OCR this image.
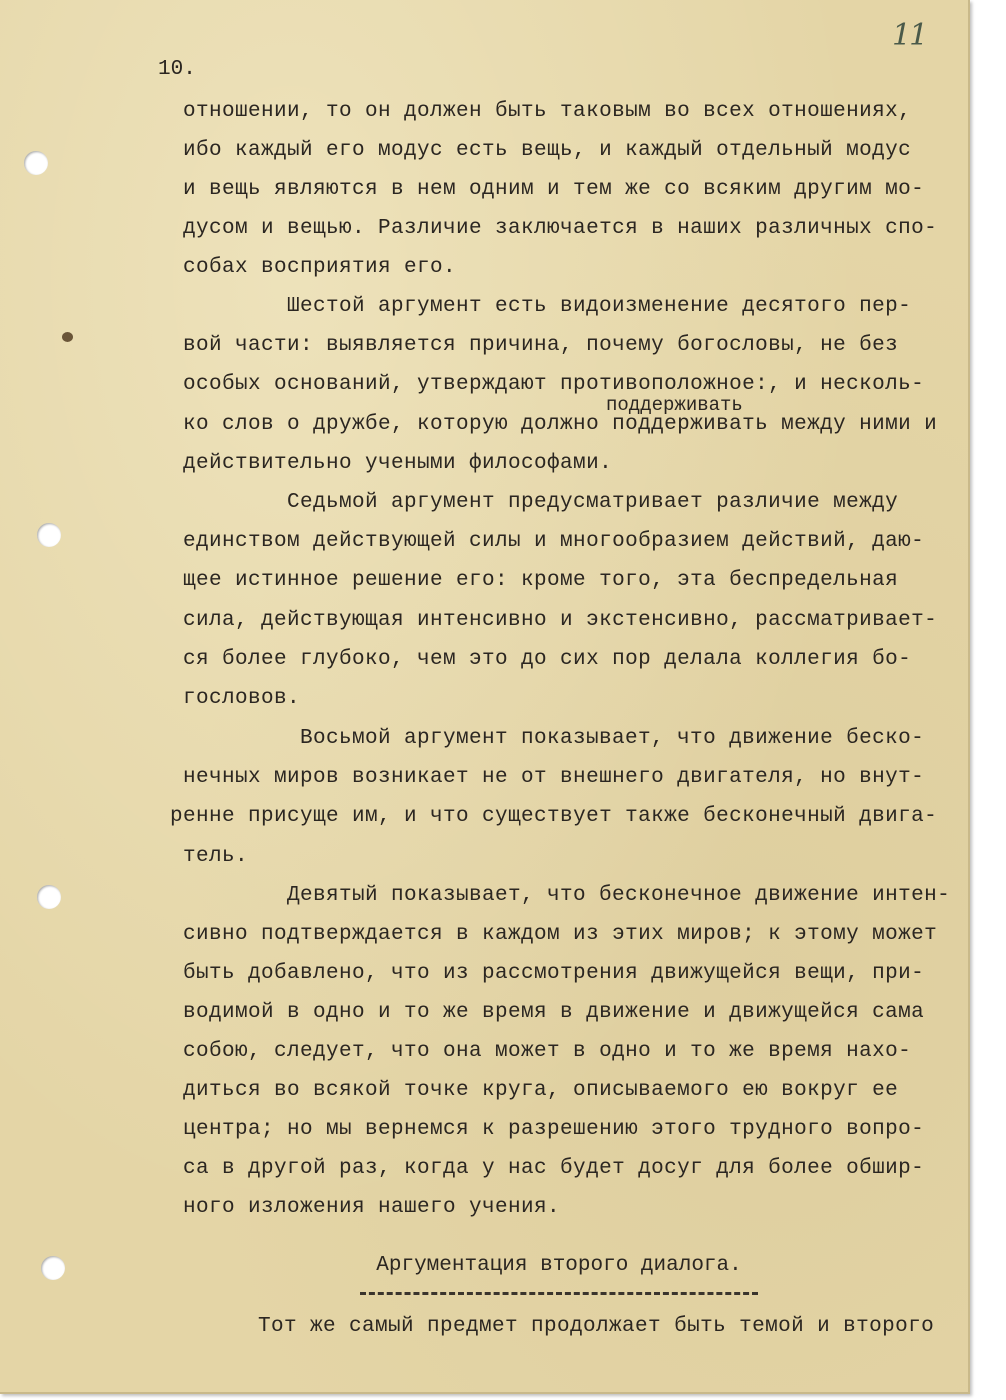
11
10.

отношении, то он должен быть таковым во всех отношениях,

ибо каждый его модус есть вещь, и каждый отдельный модус

и вещь являются в нем одним и тем же со всяким другим мо-

дусом и вещью. Различие заключается в наших различных спо-

собах восприятия его.

Шестой аргумент есть видоизменение десятого пер-

вой части: выявляется причина, почему богословы, не без

особых оснований, утверждают противоположное:, и несколь-

поддерживать

ко слов о дружбе, которую должно поддерживать между ними и

действительно учеными философами.

Седьмой аргумент предусматривает различие между

единством действующей силы и многообразием действий, даю-

щее истинное решение его: кроме того, эта беспредельная

сила, действующая интенсивно и экстенсивно, рассматривает-

ся более глубоко, чем это до сих пор делала коллегия бо-

гословов.

Восьмой аргумент показывает, что движение беско-

нечных миров возникает не от внешнего двигателя, но внут-

ренне присуще им, и что существует также бесконечный двига-

тель.

Девятый показывает, что бесконечное движение интен-

сивно подтверждается в каждом из этих миров; к этому может

быть добавлено, что из рассмотрения движущейся вещи, при-

водимой в одно и то же время в движение и движущейся сама

собою, следует, что она может в одно и то же время нахо-

диться во всякой точке круга, описываемого ею вокруг ее

центра; но мы вернемся к разрешению этого трудного вопро-

са в другой раз, когда у нас будет досуг для более обшир-

ного изложения нашего учения.

Аргументация второго диалога.

Тот же самый предмет продолжает быть темой и второго
